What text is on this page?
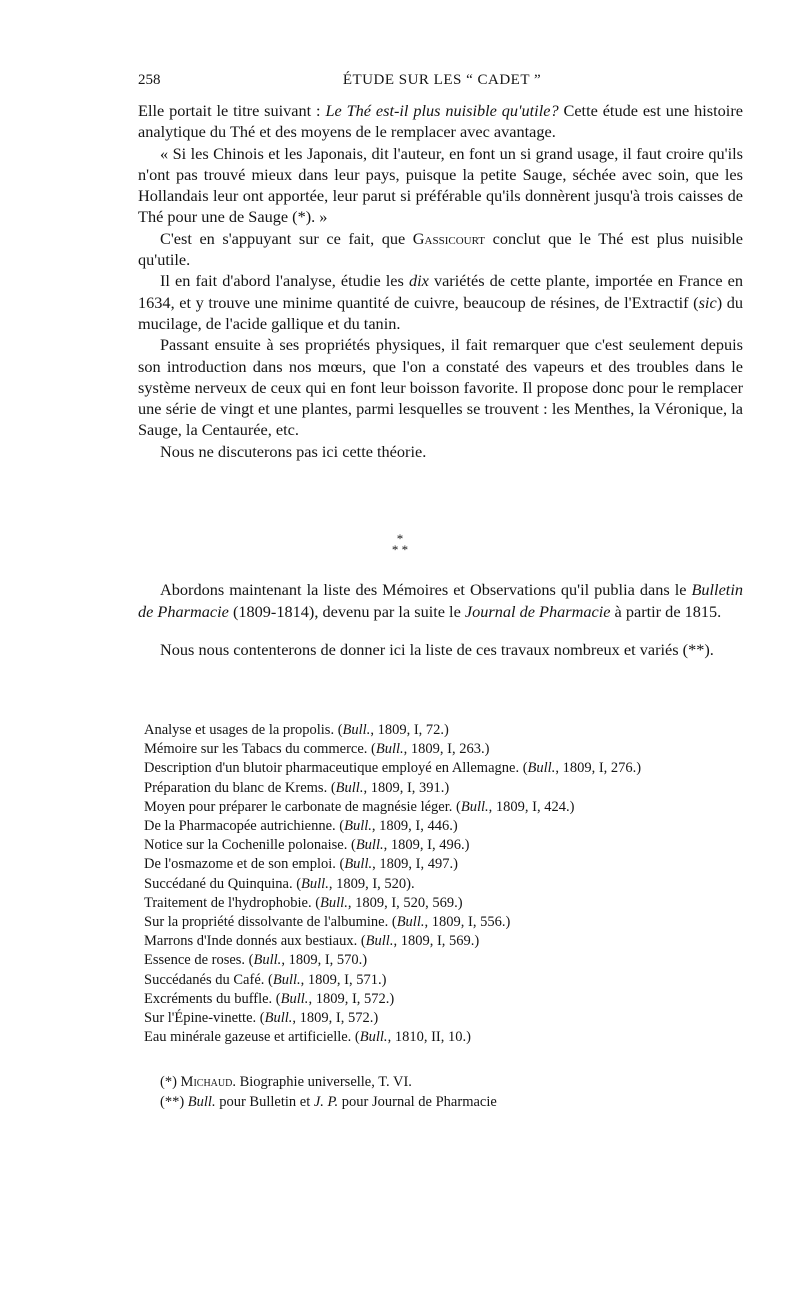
258	ÉTUDE SUR LES “ CADET ”

Elle portait le titre suivant : Le Thé est-il plus nuisible qu'utile? Cette étude est une histoire analytique du Thé et des moyens de le remplacer avec avantage.

« Si les Chinois et les Japonais, dit l'auteur, en font un si grand usage, il faut croire qu'ils n'ont pas trouvé mieux dans leur pays, puisque la petite Sauge, séchée avec soin, que les Hollandais leur ont apportée, leur parut si préférable qu'ils donnèrent jusqu'à trois caisses de Thé pour une de Sauge (*). »

C'est en s'appuyant sur ce fait, que Gassicourt conclut que le Thé est plus nuisible qu'utile.

Il en fait d'abord l'analyse, étudie les dix variétés de cette plante, importée en France en 1634, et y trouve une minime quantité de cuivre, beaucoup de résines, de l'Extractif (sic) du mucilage, de l'acide gallique et du tanin.

Passant ensuite à ses propriétés physiques, il fait remarquer que c'est seulement depuis son introduction dans nos mœurs, que l'on a constaté des vapeurs et des troubles dans le système nerveux de ceux qui en font leur boisson favorite. Il propose donc pour le remplacer une série de vingt et une plantes, parmi lesquelles se trouvent : les Menthes, la Véronique, la Sauge, la Centaurée, etc.

Nous ne discuterons pas ici cette théorie.

*
* *

Abordons maintenant la liste des Mémoires et Observations qu'il publia dans le Bulletin de Pharmacie (1809-1814), devenu par la suite le Journal de Pharmacie à partir de 1815.

Nous nous contenterons de donner ici la liste de ces travaux nombreux et variés (**).

Analyse et usages de la propolis. (Bull., 1809, I, 72.)
Mémoire sur les Tabacs du commerce. (Bull., 1809, I, 263.)
Description d'un blutoir pharmaceutique employé en Allemagne. (Bull., 1809, I, 276.)
Préparation du blanc de Krems. (Bull., 1809, I, 391.)
Moyen pour préparer le carbonate de magnésie léger. (Bull., 1809, I, 424.)
De la Pharmacopée autrichienne. (Bull., 1809, I, 446.)
Notice sur la Cochenille polonaise. (Bull., 1809, I, 496.)
De l'osmazome et de son emploi. (Bull., 1809, I, 497.)
Succédané du Quinquina. (Bull., 1809, I, 520).
Traitement de l'hydrophobie. (Bull., 1809, I, 520, 569.)
Sur la propriété dissolvante de l'albumine. (Bull., 1809, I, 556.)
Marrons d'Inde donnés aux bestiaux. (Bull., 1809, I, 569.)
Essence de roses. (Bull., 1809, I, 570.)
Succédanés du Café. (Bull., 1809, I, 571.)
Excréments du buffle. (Bull., 1809, I, 572.)
Sur l'Épine-vinette. (Bull., 1809, I, 572.)
Eau minérale gazeuse et artificielle. (Bull., 1810, II, 10.)
(*) Michaud. Biographie universelle, T. VI.
(**) Bull. pour Bulletin et J. P. pour Journal de Pharmacie
